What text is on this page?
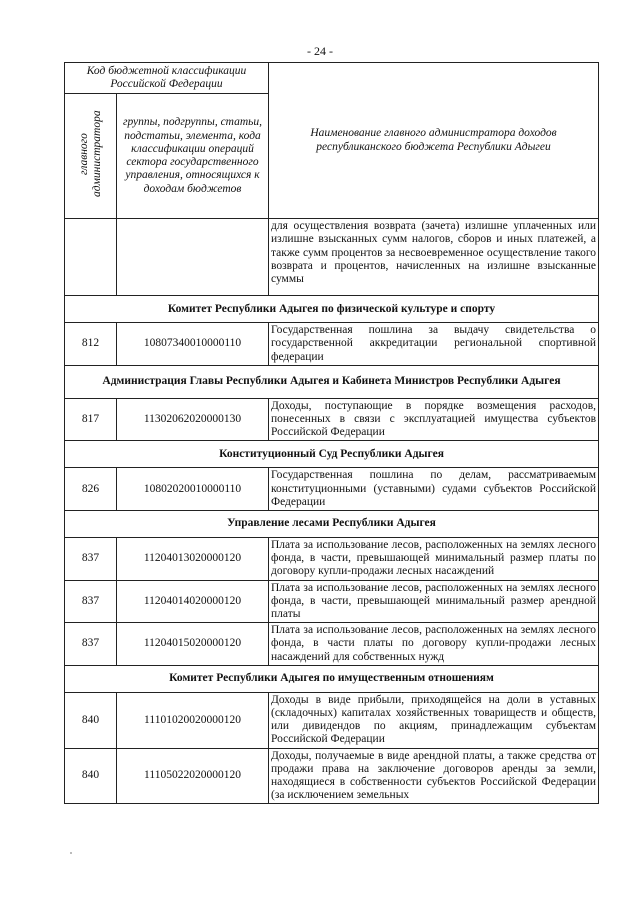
- 24 -
Код бюджетной классификации Российской Федерации		Наименование главного администратора доходов республиканского бюджета Республики Адыгеи
главного администратора	группы, подгруппы, статьи, подстатьи, элемента, кода классификации операций сектора государственного управления, относящихся к доходам бюджетов	
		для осуществления возврата (зачета) излишне уплаченных или излишне взысканных сумм налогов, сборов и иных платежей, а также сумм процентов за несвоевременное осуществление такого возврата и процентов, начисленных на излишне взысканные суммы
Комитет Республики Адыгея по физической культуре и спорту		
812	10807340010000110	Государственная пошлина за выдачу свидетельства о государственной аккредитации региональной спортивной федерации
Администрация Главы Республики Адыгея и Кабинета Министров Республики Адыгея		
817	11302062020000130	Доходы, поступающие в порядке возмещения расходов, понесенных в связи с эксплуатацией имущества субъектов Российской Федерации
Конституционный Суд Республики Адыгея		
826	10802020010000110	Государственная пошлина по делам, рассматриваемым конституционными (уставными) судами субъектов Российской Федерации
Управление лесами Республики Адыгея		
837	11204013020000120	Плата за использование лесов, расположенных на землях лесного фонда, в части, превышающей минимальный размер платы по договору купли-продажи лесных насаждений
837	11204014020000120	Плата за использование лесов, расположенных на землях лесного фонда, в части, превышающей минимальный размер арендной платы
837	11204015020000120	Плата за использование лесов, расположенных на землях лесного фонда, в части платы по договору купли-продажи лесных насаждений для собственных нужд
Комитет Республики Адыгея по имущественным отношениям		
840	11101020020000120	Доходы в виде прибыли, приходящейся на доли в уставных (складочных) капиталах хозяйственных товариществ и обществ, или дивидендов по акциям, принадлежащим субъектам Российской Федерации
840	11105022020000120	Доходы, получаемые в виде арендной платы, а также средства от продажи права на заключение договоров аренды за земли, находящиеся в собственности субъектов Российской Федерации (за исключением земельных
